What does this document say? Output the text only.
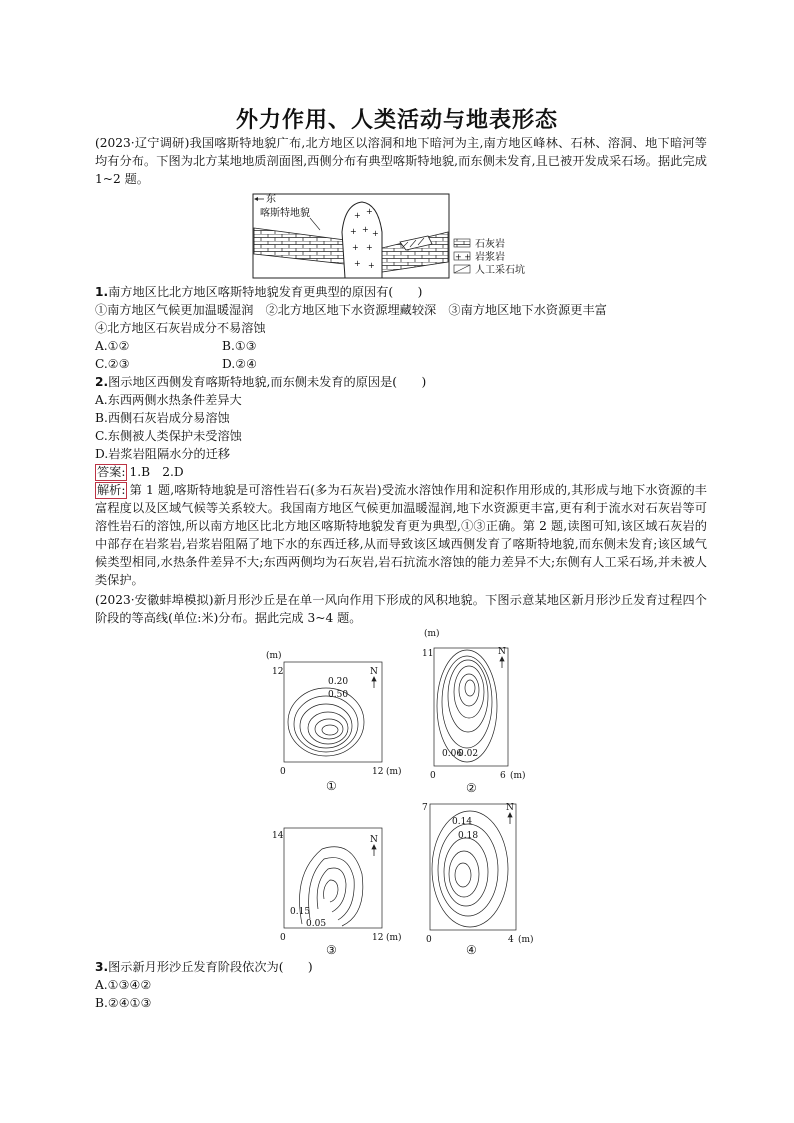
外力作用、人类活动与地表形态
(2023·辽宁调研)我国喀斯特地貌广布,北方地区以溶洞和地下暗河为主,南方地区峰林、石林、溶洞、地下暗河等均有分布。下图为北方某地地质剖面图,西侧分布有典型喀斯特地貌,而东侧未发育,且已被开发成采石场。据此完成 1~2 题。
+ +
+ + +
+ +
+ +
东
喀斯特地貌
石灰岩
+ + 岩浆岩
人工采石坑
1.南方地区比北方地区喀斯特地貌发育更典型的原因有(　　)
①南方地区气候更加温暖湿润　②北方地区地下水资源埋藏较深　③南方地区地下水资源更丰富
④北方地区石灰岩成分不易溶蚀
A.①②	B.①③
C.②③	D.②④
2.图示地区西侧发育喀斯特地貌,而东侧未发育的原因是(　　)
A.东西两侧水热条件差异大
B.西侧石灰岩成分易溶蚀
C.东侧被人类保护未受溶蚀
D.岩浆岩阻隔水分的迁移
答案: 1.B　2.D
解析: 第 1 题,喀斯特地貌是可溶性岩石(多为石灰岩)受流水溶蚀作用和淀积作用形成的,其形成与地下水资源的丰富程度以及区域气候等关系较大。我国南方地区气候更加温暖湿润,地下水资源更丰富,更有利于流水对石灰岩等可溶性岩石的溶蚀,所以南方地区比北方地区喀斯特地貌发育更为典型,①③正确。第 2 题,读图可知,该区域石灰岩的中部存在岩浆岩,岩浆岩阻隔了地下水的东西迁移,从而导致该区域西侧发育了喀斯特地貌,而东侧未发育;该区域气候类型相同,水热条件差异不大;东西两侧均为石灰岩,岩石抗流水溶蚀的能力差异不大;东侧有人工采石场,并未被人类保护。
(2023·安徽蚌埠模拟)新月形沙丘是在单一风向作用下形成的风积地貌。下图示意某地区新月形沙丘发育过程四个阶段的等高线(单位:米)分布。据此完成 3~4 题。
(m)
12
0	12 (m)
N
0.20
0.50
①
(m)
11
0	6 (m)
N
0.06
0.02
②
14
0	12 (m)
N
0.15
0.05
③
7
0	4 (m)
N
0.14
0.18
④
3.图示新月形沙丘发育阶段依次为(　　)
A.①③④②
B.②④①③
